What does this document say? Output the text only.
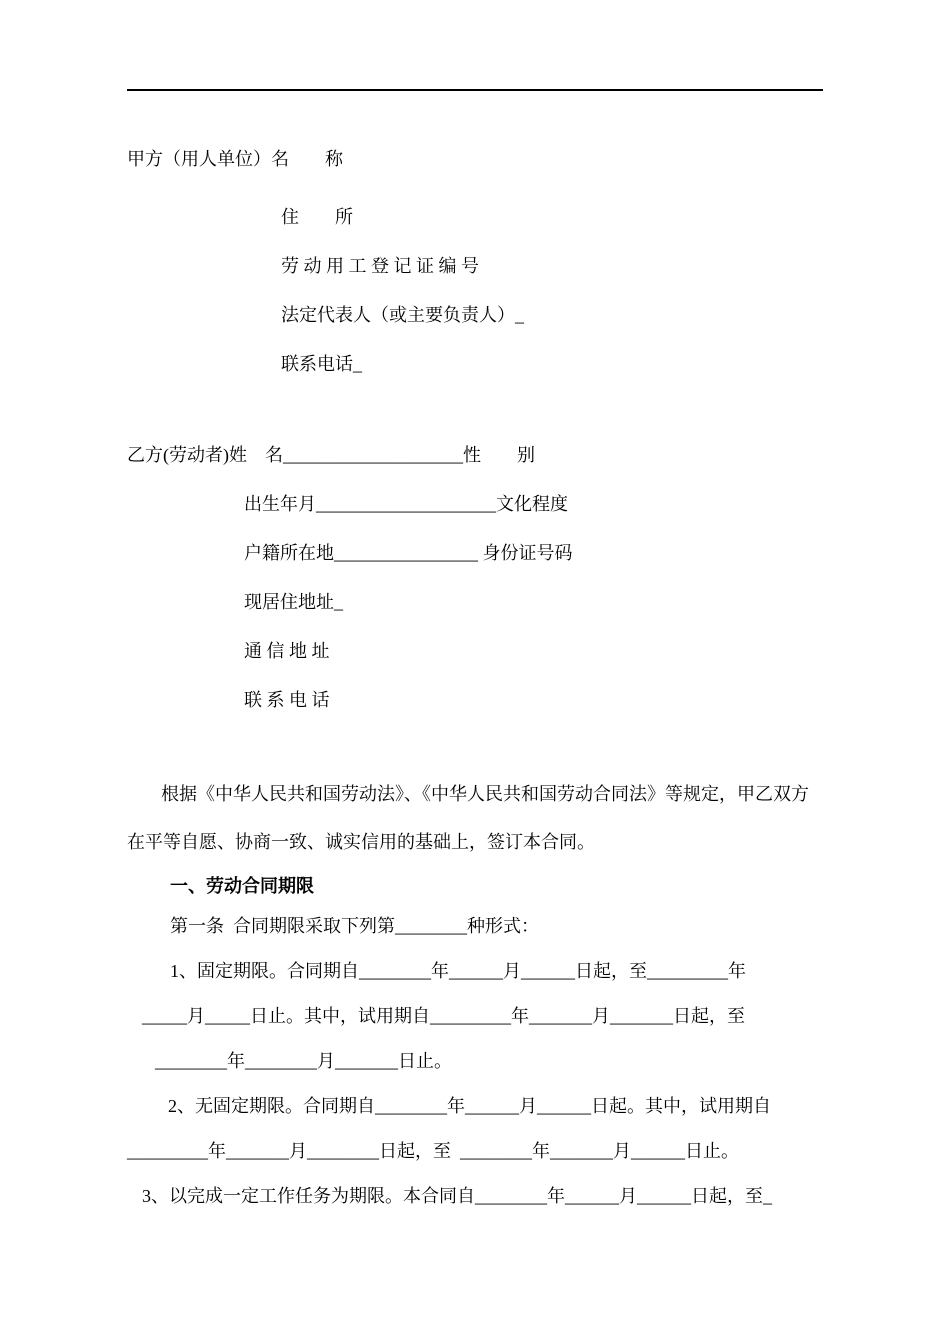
甲方（用人单位）名　　称
住　　所
劳 动 用 工 登 记 证 编 号
法定代表人（或主要负责人）_
联系电话_
乙方(劳动者)姓　名____________________性　　别
出生年月____________________文化程度
户籍所在地________________ 身份证号码
现居住地址_
通 信 地 址
联 系 电 话
根据《中华人民共和国劳动法》、《中华人民共和国劳动合同法》等规定，甲乙双方
在平等自愿、协商一致、诚实信用的基础上，签订本合同。
一、劳动合同期限
第一条  合同期限采取下列第________种形式：
1、固定期限。合同期自________年______月______日起，至_________年
_____月_____日止。其中，试用期自_________年_______月_______日起，至
________年________月_______日止。
2、无固定期限。合同期自________年______月______日起。其中，试用期自
_________年_______月________日起，至  ________年_______月______日止。
3、以完成一定工作任务为期限。本合同自________年______月______日起，至_
